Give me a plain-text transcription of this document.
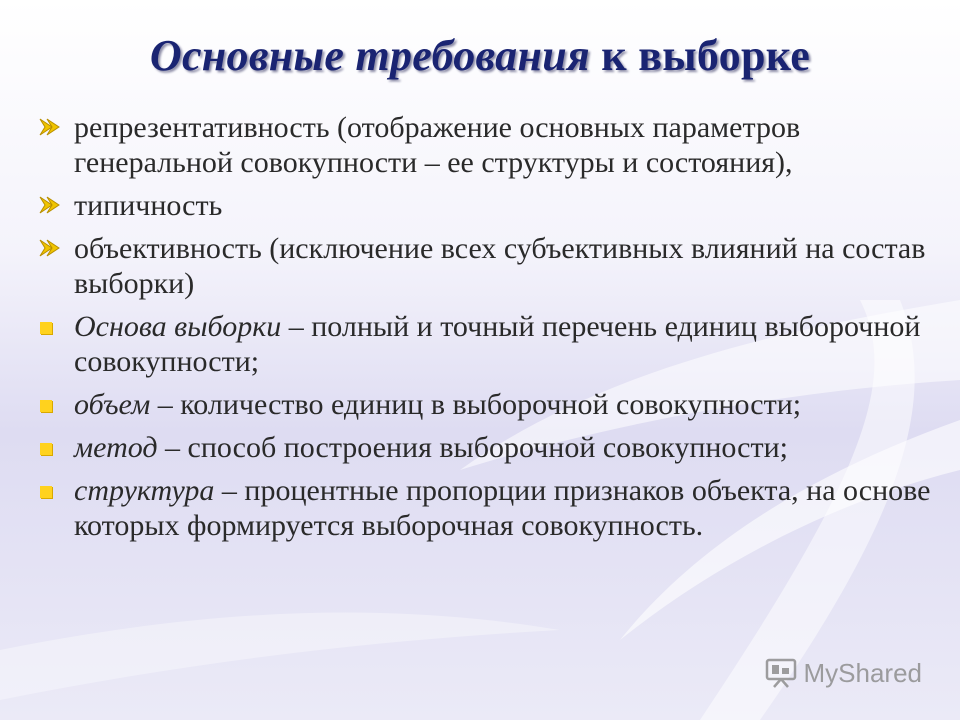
Основные требования к выборке
репрезентативность (отображение основных параметров генеральной совокупности – ее структуры и состояния),
типичность
объективность (исключение всех субъективных влияний на состав выборки)
Основа выборки – полный и точный перечень единиц выборочной совокупности;
объем – количество единиц в выборочной совокупности;
метод – способ построения выборочной совокупности;
структура – процентные пропорции признаков объекта, на основе которых формируется выборочная совокупность.
MyShared
